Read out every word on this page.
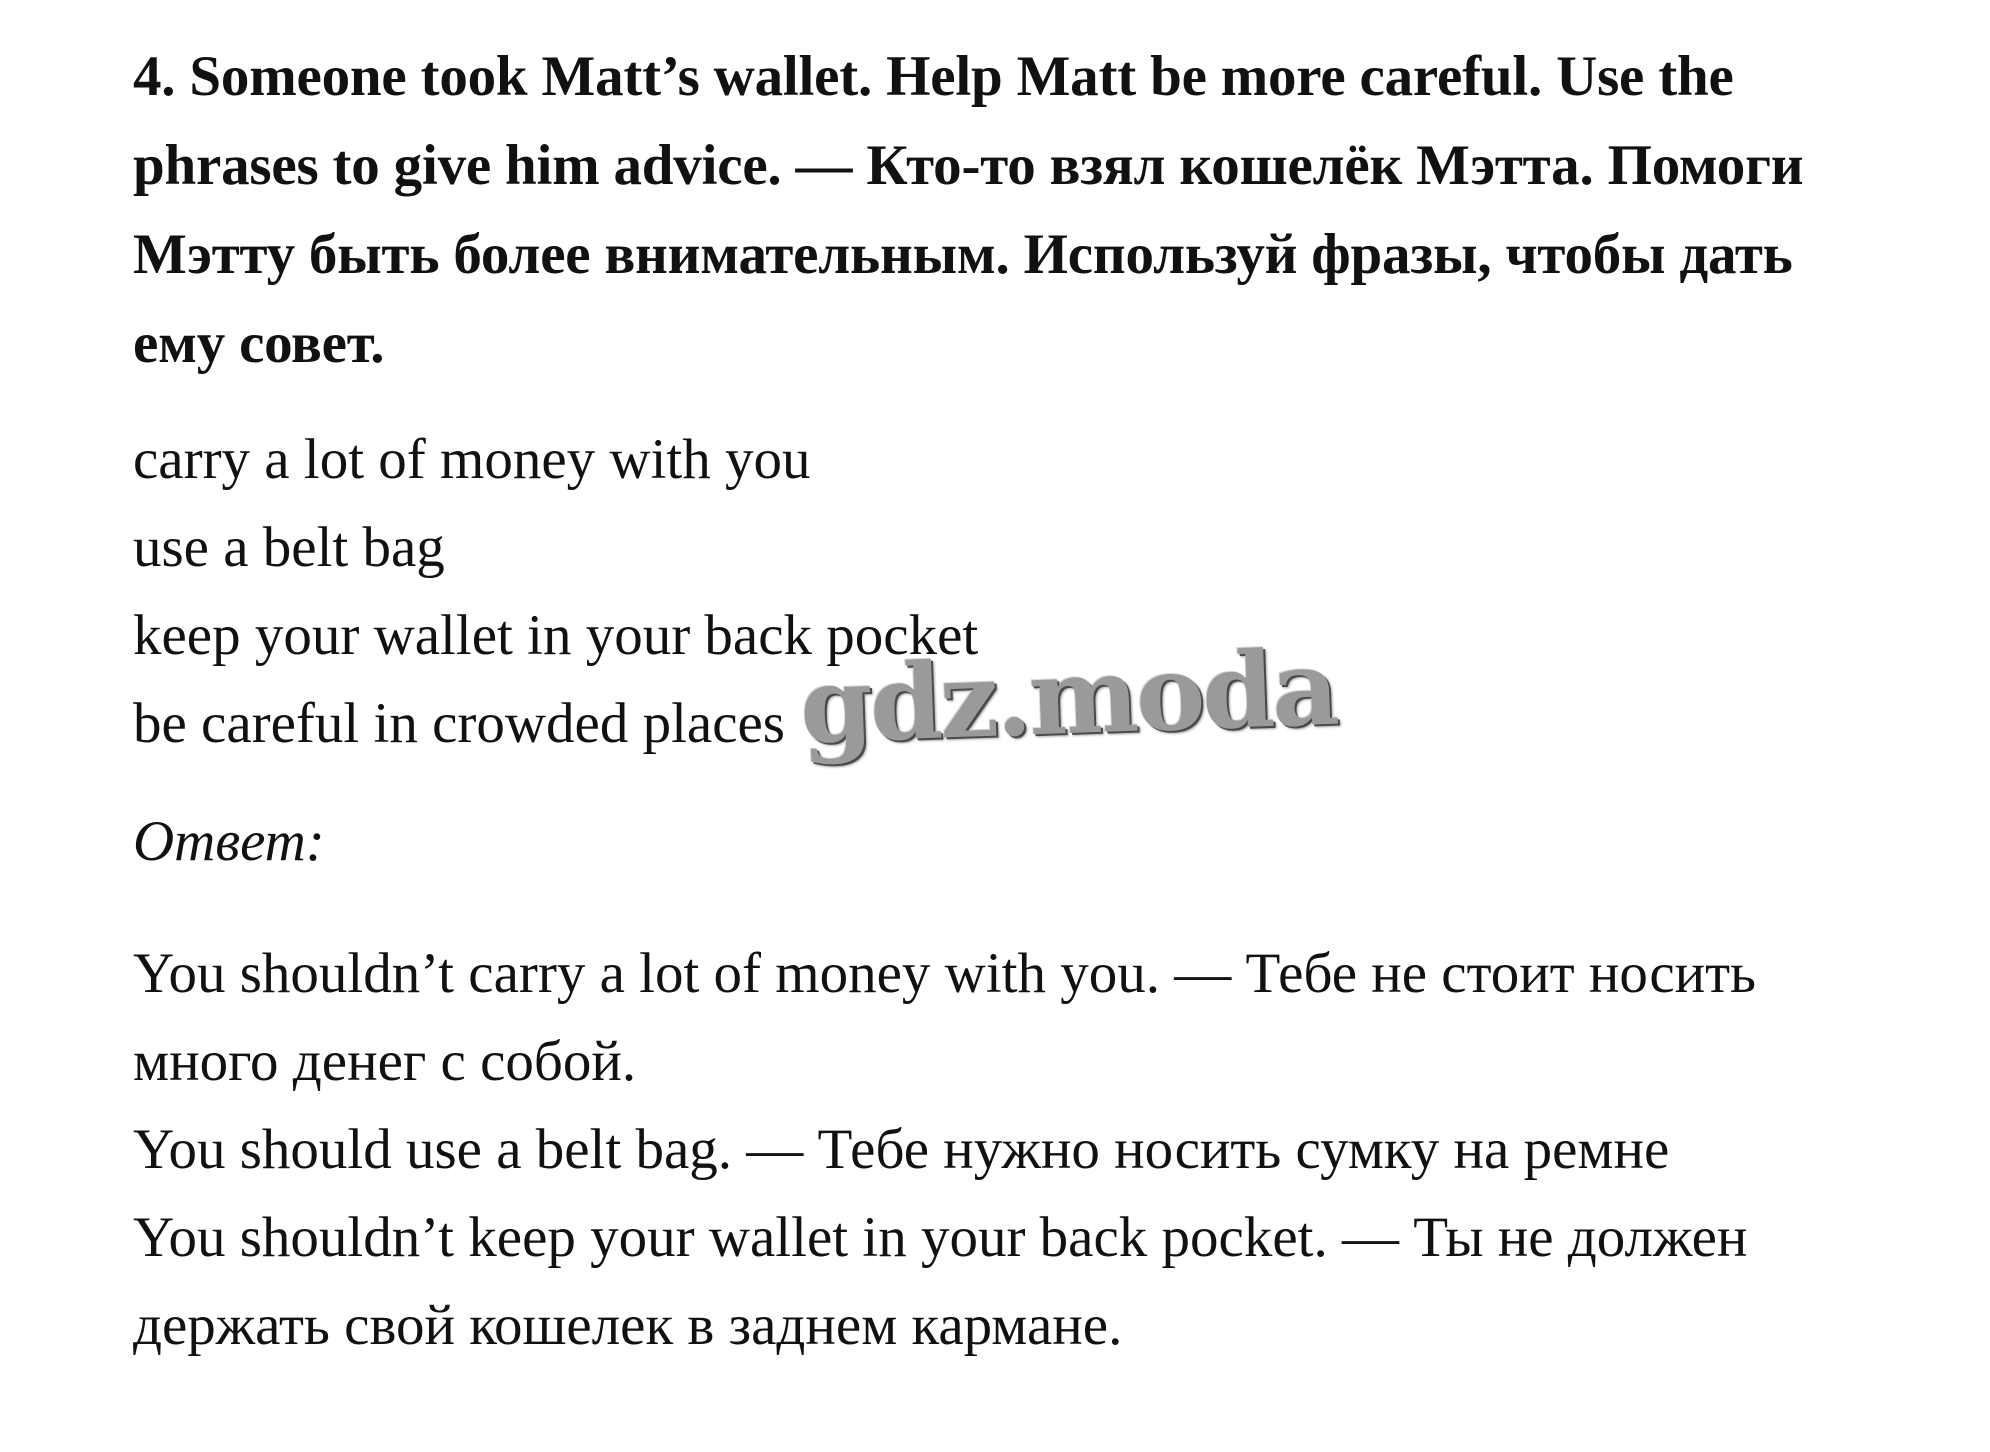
4. Someone took Matt’s wallet. Help Matt be more careful. Use the phrases to give him advice. — Кто-то взял кошелёк Мэтта. Помоги Мэтту быть более внимательным. Используй фразы, чтобы дать ему совет.

carry a lot of money with you
use a belt bag
keep your wallet in your back pocket
be careful in crowded places

Ответ:

You shouldn’t carry a lot of money with you. — Тебе не стоит носить много денег с собой.

You should use a belt bag. — Тебе нужно носить сумку на ремне

You shouldn’t keep your wallet in your back pocket. — Ты не должен держать свой кошелек в заднем кармане.

gdz.moda
